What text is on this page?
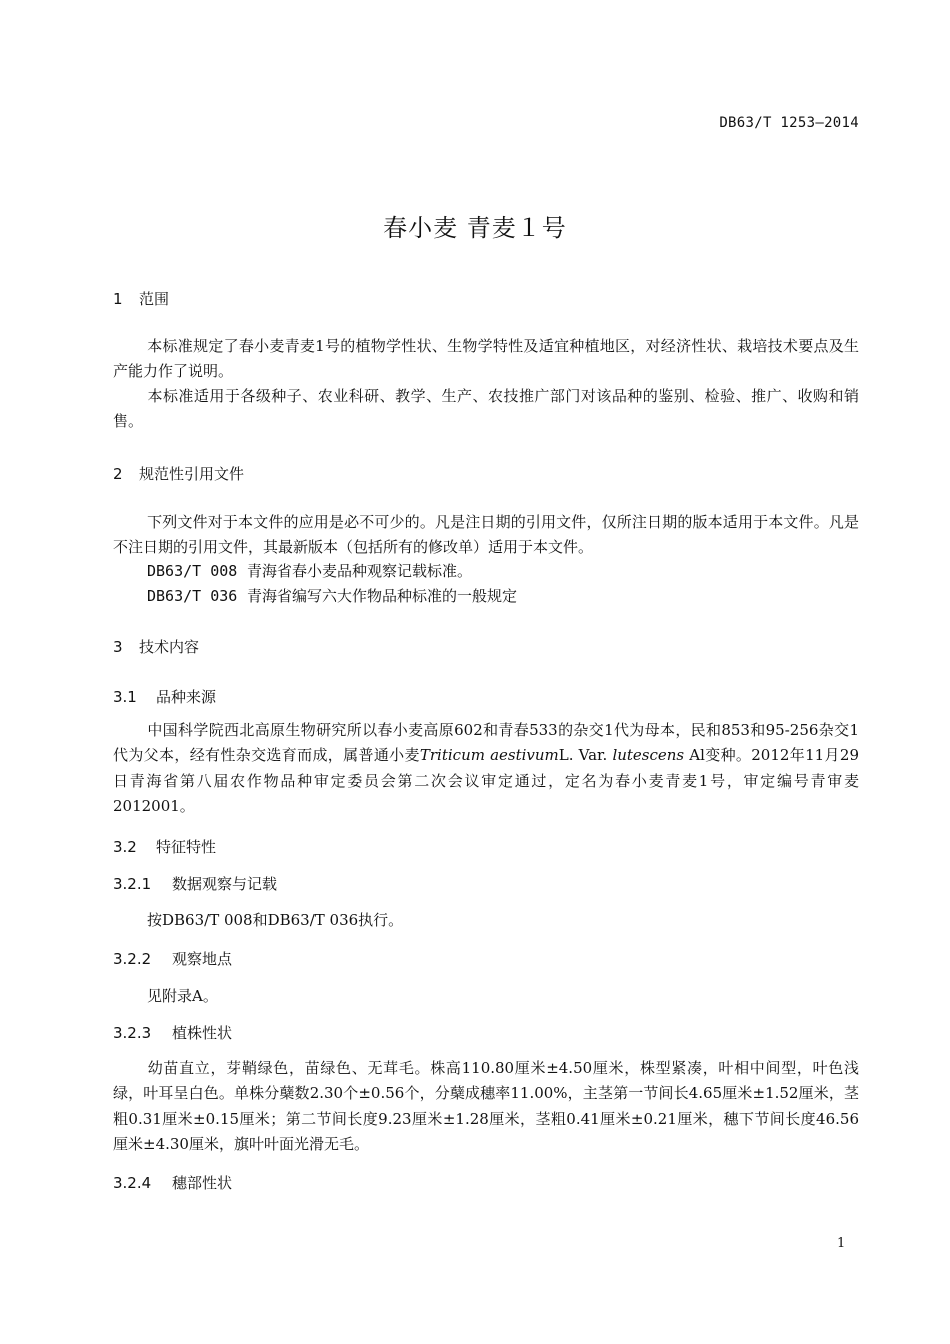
DB63/T 1253—2014
春小麦 青麦１号
1 范围
本标准规定了春小麦青麦1号的植物学性状、生物学特性及适宜种植地区，对经济性状、栽培技术要点及生产能力作了说明。
本标准适用于各级种子、农业科研、教学、生产、农技推广部门对该品种的鉴别、检验、推广、收购和销售。
2 规范性引用文件
下列文件对于本文件的应用是必不可少的。凡是注日期的引用文件，仅所注日期的版本适用于本文件。凡是不注日期的引用文件，其最新版本（包括所有的修改单）适用于本文件。
DB63/T 008 青海省春小麦品种观察记载标准。
DB63/T 036 青海省编写六大作物品种标准的一般规定
3 技术内容
3.1 品种来源
中国科学院西北高原生物研究所以春小麦高原602和青春533的杂交1代为母本，民和853和95-256杂交1代为父本，经有性杂交选育而成，属普通小麦Triticum aestivumL. Var. lutescens Al变种。2012年11月29日青海省第八届农作物品种审定委员会第二次会议审定通过，定名为春小麦青麦1号，审定编号青审麦2012001。
3.2 特征特性
3.2.1 数据观察与记载
按DB63/T 008和DB63/T 036执行。
3.2.2 观察地点
见附录A。
3.2.3 植株性状
幼苗直立，芽鞘绿色，苗绿色、无茸毛。株高110.80厘米±4.50厘米，株型紧凑，叶相中间型，叶色浅绿，叶耳呈白色。单株分蘖数2.30个±0.56个，分蘖成穗率11.00%，主茎第一节间长4.65厘米±1.52厘米，茎粗0.31厘米±0.15厘米；第二节间长度9.23厘米±1.28厘米，茎粗0.41厘米±0.21厘米，穗下节间长度46.56厘米±4.30厘米，旗叶叶面光滑无毛。
3.2.4 穗部性状
1
